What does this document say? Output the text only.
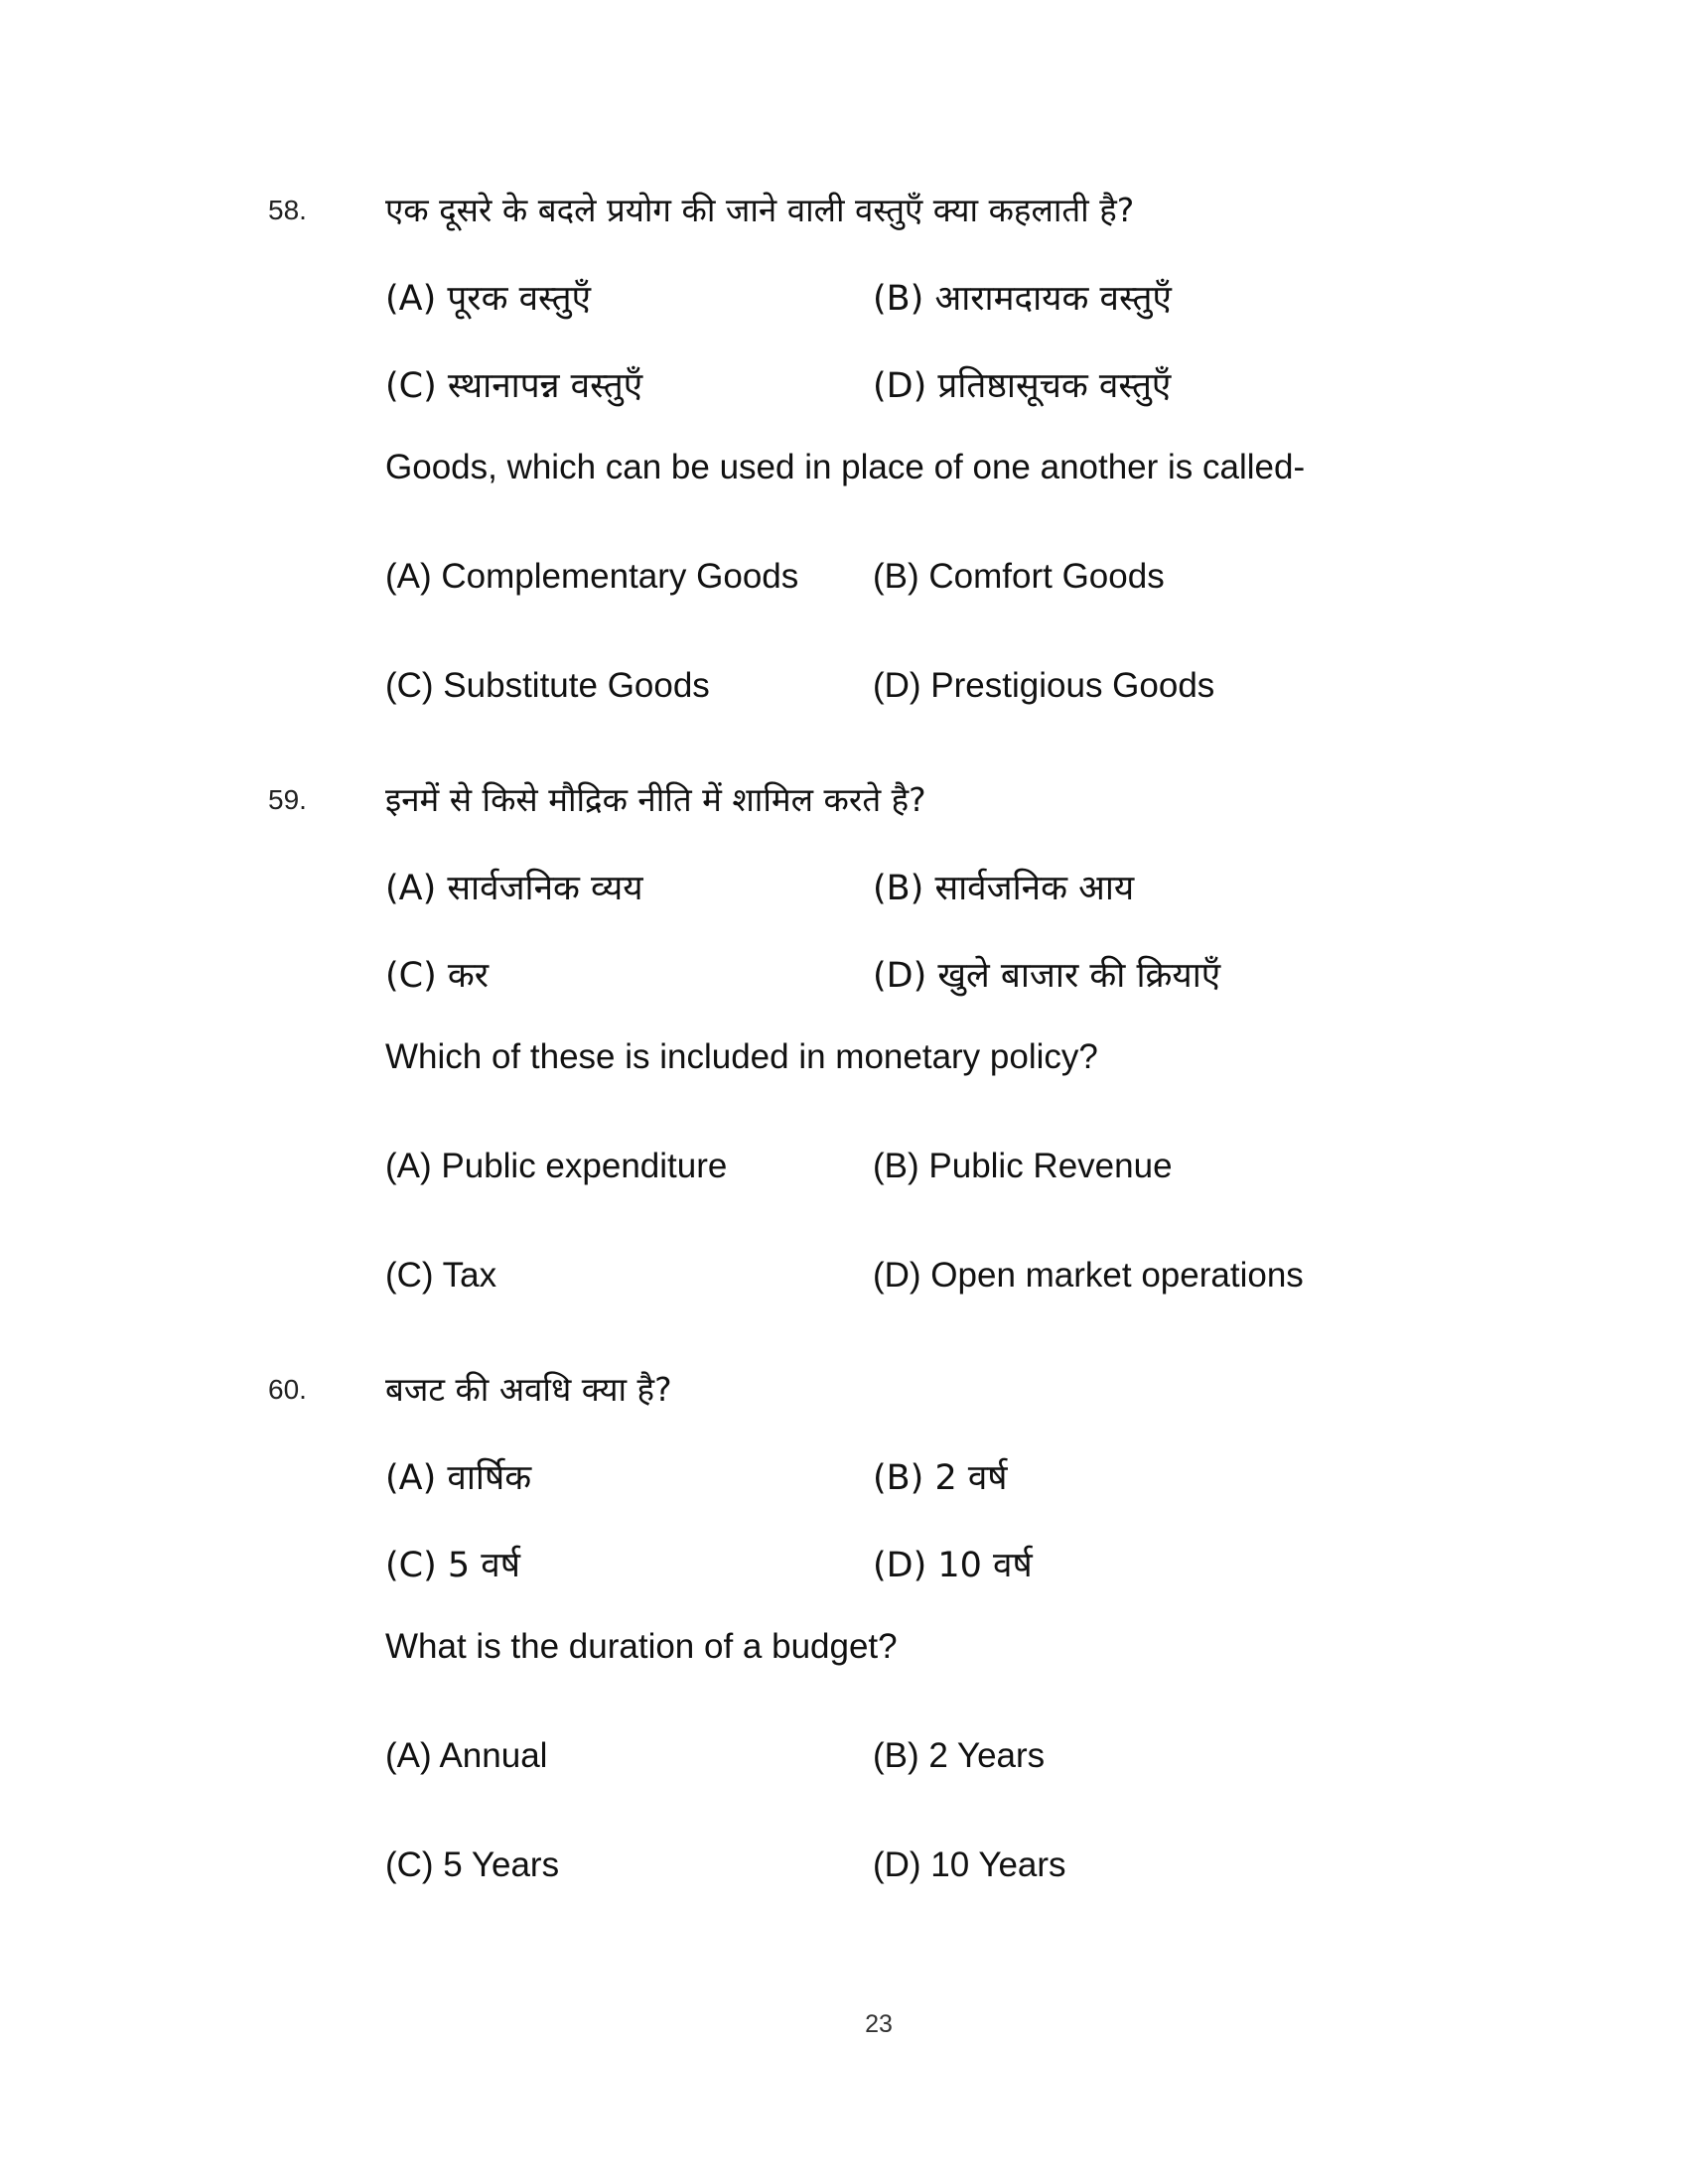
58. एक दूसरे के बदले प्रयोग की जाने वाली वस्तुएँ क्या कहलाती है?
(A) पूरक वस्तुएँ	(B) आरामदायक वस्तुएँ
(C) स्थानापन्न वस्तुएँ	(D) प्रतिष्ठासूचक वस्तुएँ
Goods, which can be used in place of one another is called-
(A) Complementary Goods (B) Comfort Goods
(C) Substitute Goods	(D) Prestigious Goods
59. इनमें से किसे मौद्रिक नीति में शामिल करते है?
(A) सार्वजनिक व्यय	(B) सार्वजनिक आय
(C) कर	(D) खुले बाजार की क्रियाएँ
Which of these is included in monetary policy?
(A) Public expenditure	(B) Public Revenue
(C) Tax	(D) Open market operations
60. बजट की अवधि क्या है?
(A) वार्षिक	(B) 2 वर्ष
(C) 5 वर्ष	(D) 10 वर्ष
What is the duration of a budget?
(A) Annual	(B) 2 Years
(C) 5 Years	(D) 10 Years
23
